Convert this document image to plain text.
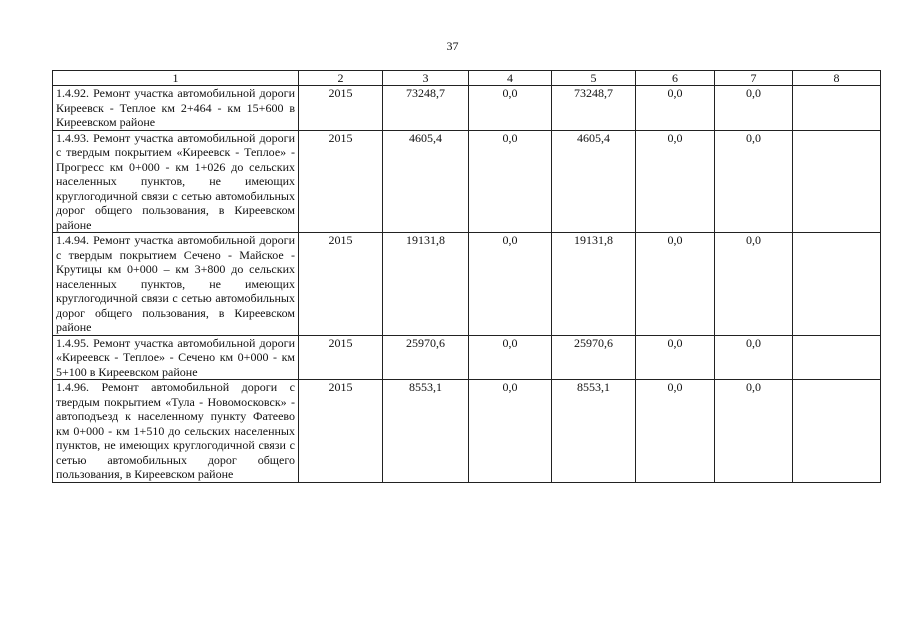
37
1	2	3	4	5	6	7	8
1.4.92. Ремонт участка автомобильной дороги Киреевск - Теплое км 2+464 - км 15+600 в Киреевском районе	2015	73248,7	0,0	73248,7	0,0	0,0	
1.4.93. Ремонт участка автомобильной дороги с твердым покрытием «Киреевск - Теплое» - Прогресс км 0+000 - км 1+026 до сельских населенных пунктов, не имеющих круглогодичной связи с сетью автомобильных дорог общего пользования, в Киреевском районе	2015	4605,4	0,0	4605,4	0,0	0,0	
1.4.94. Ремонт участка автомобильной дороги с твердым покрытием Сечено - Майское - Крутицы км 0+000 – км 3+800 до сельских населенных пунктов, не имеющих круглогодичной связи с сетью автомобильных дорог общего пользования, в Киреевском районе	2015	19131,8	0,0	19131,8	0,0	0,0	
1.4.95. Ремонт участка автомобильной дороги «Киреевск - Теплое» - Сечено км 0+000 - км 5+100 в Киреевском районе	2015	25970,6	0,0	25970,6	0,0	0,0	
1.4.96. Ремонт автомобильной дороги с твердым покрытием «Тула - Новомосковск» - автоподъезд к населенному пункту Фатеево км 0+000 - км 1+510 до сельских населенных пунктов, не имеющих круглогодичной связи с сетью автомобильных дорог общего пользования, в Киреевском районе	2015	8553,1	0,0	8553,1	0,0	0,0	
